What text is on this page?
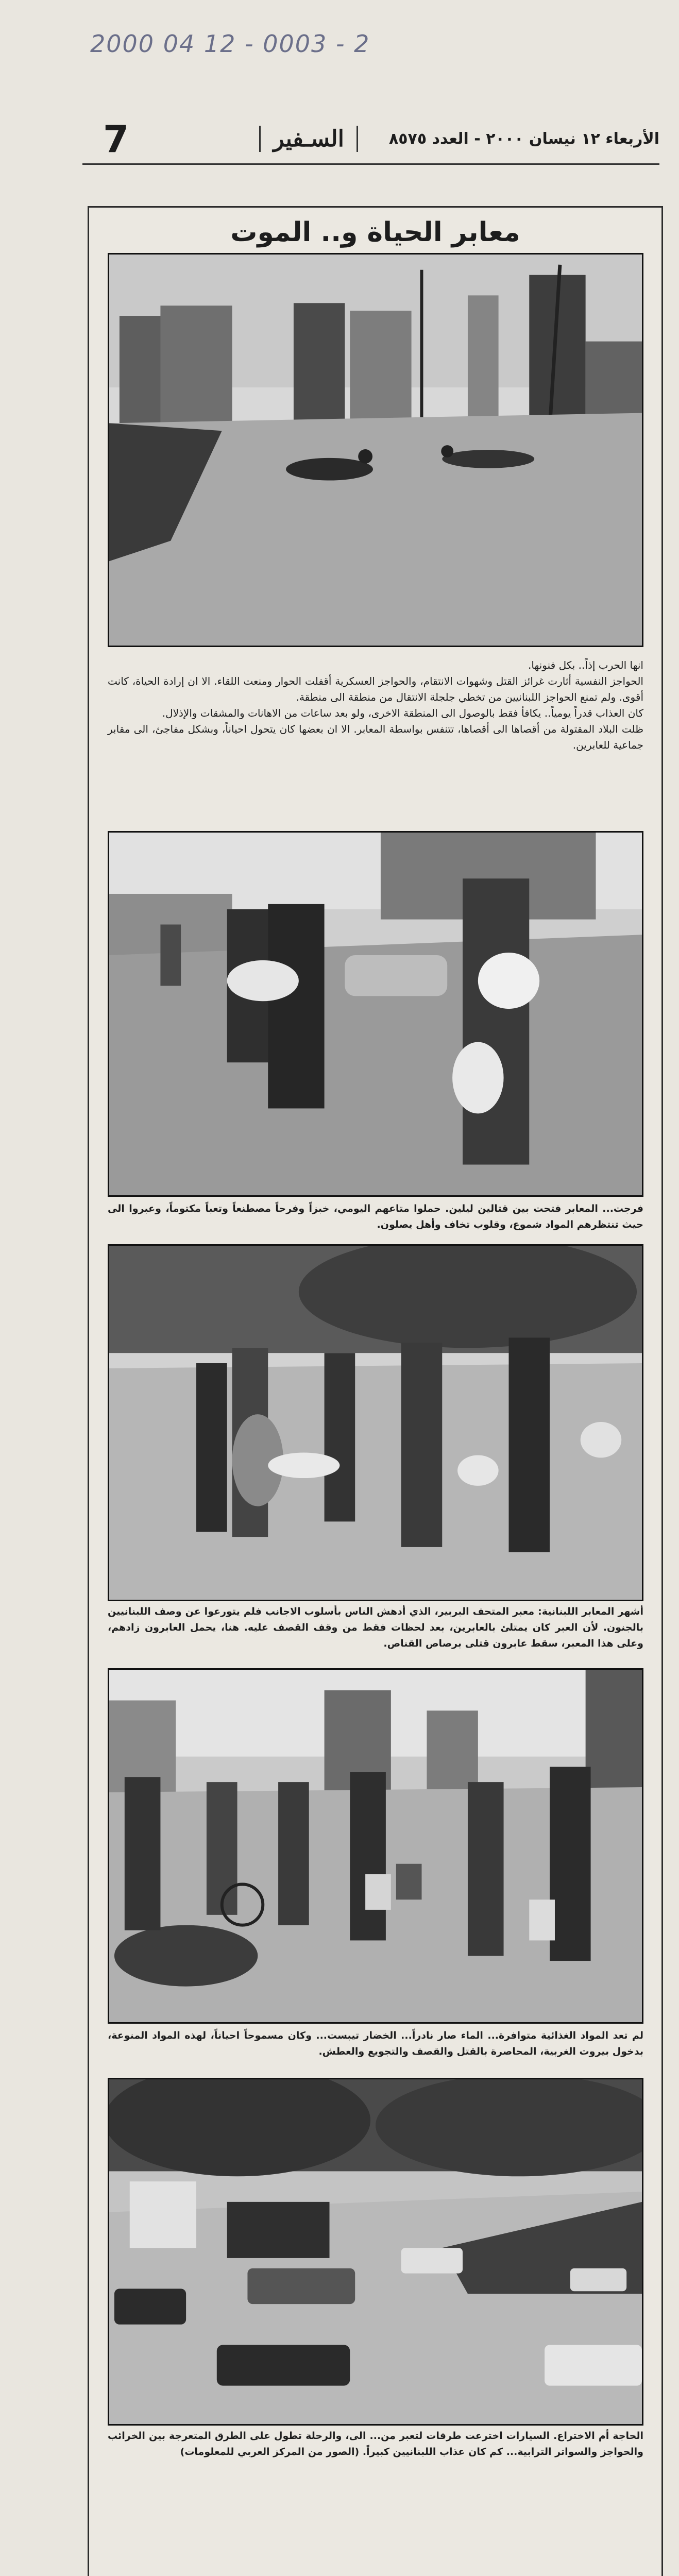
2000 04 12 - 0003 - 2
الأربعاء ١٢ نيسان ٢٠٠٠ - العدد ٨٥٧٥
السـفير
7
معابر الحياة و.. الموت

انها الحرب إذاً.. بكل فنونها.

الحواجز النفسية أثارت غرائز القتل وشهوات الانتقام، والحواجز العسكرية أقفلت الحوار ومنعت اللقاء. الا ان إرادة الحياة، كانت أقوى. ولم تمنع الحواجز اللبنانيين من تخطي جلجلة الانتقال من منطقة الى منطقة.

كان العذاب قدراً يومياً.. يكافأ فقط بالوصول الى المنطقة الاخرى، ولو بعد ساعات من الاهانات والمشقات والإذلال.

ظلت البلاد المقتولة من أقصاها الى أقصاها، تتنفس بواسطة المعابر. الا ان بعضها كان يتحول احياناً، وبشكل مفاجئ، الى مقابر جماعية للعابرين.

فرجت... المعابر فتحت بين قتالين ليلين. حملوا متاعهم اليومي، خبزاً وفرحاً مصطنعاً وتعباً مكتوماً، وعبروا الى حيث تنتظرهم المواد شموع، وقلوب تخاف وأهل يصلون.
أشهر المعابر اللبنانية: معبر المتحف البربير، الذي أدهش الناس بأسلوب الاجانب فلم يتورعوا عن وصف اللبنانيين بالجنون. لأن العبر كان يمتلئ بالعابرين، بعد لحظات فقط من وقف القصف عليه. هنا، يحمل العابرون زادهم، وعلى هذا المعبر، سقط عابرون قتلى برصاص القناص.
لم تعد المواد الغذائية متوافرة... الماء صار نادراً... الخضار تيبست... وكان مسموحاً احياناً، لهذه المواد المنوعة، بدخول بيروت الغربية، المحاصرة بالقتل والقصف والتجويع والعطش.
الحاجة أم الاختراع. السيارات اخترعت طرقات لتعبر من... الى، والرحلة تطول على الطرق المتعرجة بين الخرائب والحواجز والسواتر الترابية... كم كان عذاب اللبنانيين كبيراً. (الصور من المركز العربي للمعلومات)
